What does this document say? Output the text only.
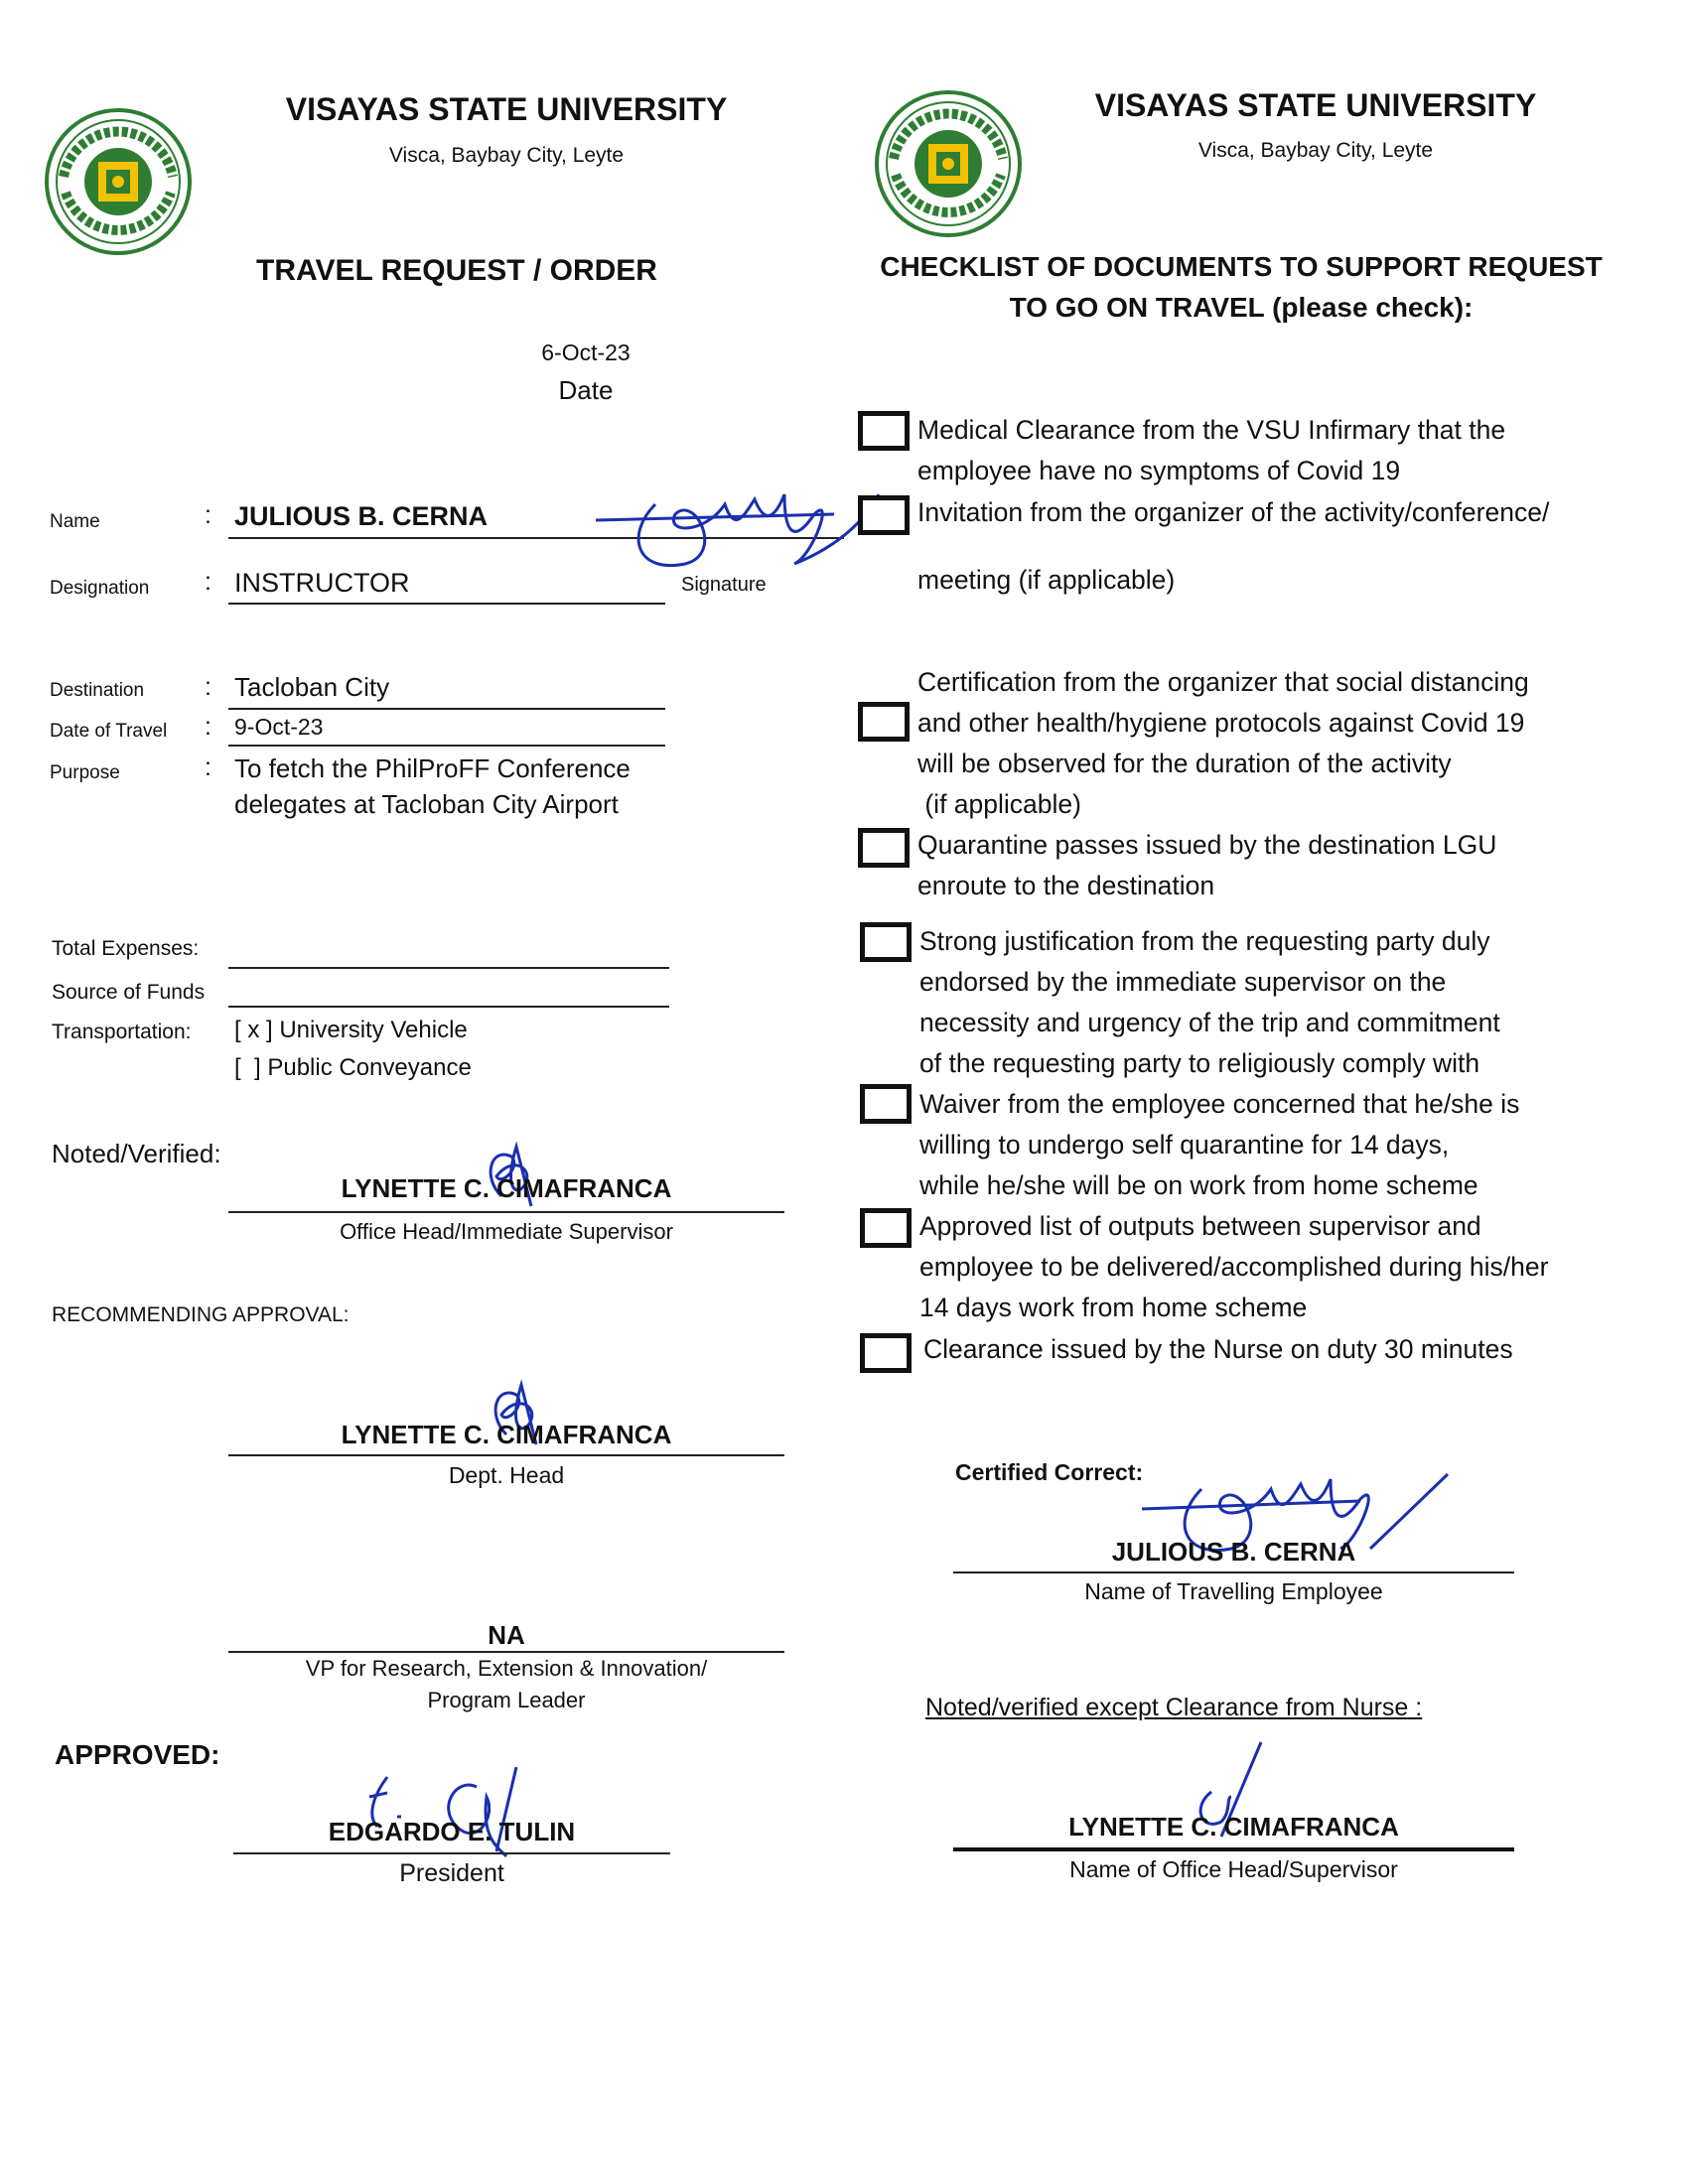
VISAYAS STATE UNIVERSITY
Visca, Baybay City, Leyte
TRAVEL REQUEST / ORDER
6-Oct-23
Date
Name	: JULIOUS B. CERNA
Signature
Designation : INSTRUCTOR
Destination : Tacloban City
Date of Travel : 9-Oct-23
Purpose	: To fetch the PhilProFF Conference
delegates at Tacloban City Airport
Total Expenses:
Source of Funds
Transportation: [ x ] University Vehicle
[  ] Public Conveyance
Noted/Verified:
LYNETTE C. CIMAFRANCA
Office Head/Immediate Supervisor
RECOMMENDING APPROVAL:
LYNETTE C. CIMAFRANCA
Dept. Head
NA
VP for Research, Extension & Innovation/
Program Leader
APPROVED:
EDGARDO E. TULIN
President
VISAYAS STATE UNIVERSITY
Visca, Baybay City, Leyte
CHECKLIST OF DOCUMENTS TO SUPPORT REQUEST
TO GO ON TRAVEL (please check):
Medical Clearance from the VSU Infirmary that the
employee have no symptoms of Covid 19
Invitation from the organizer of the activity/conference/
meeting (if applicable)
Certification from the organizer that social distancing
and other health/hygiene protocols against Covid 19
will be observed for the duration of the activity
(if applicable)
Quarantine passes issued by the destination LGU
enroute to the destination
Strong justification from the requesting party duly
endorsed by the immediate supervisor on the
necessity and urgency of the trip and commitment
of the requesting party to religiously comply with
Waiver from the employee concerned that he/she is
willing to undergo self quarantine for 14 days,
while he/she will be on work from home scheme
Approved list of outputs between supervisor and
employee to be delivered/accomplished during his/her
14 days work from home scheme
Clearance issued by the Nurse on duty 30 minutes
Certified Correct:
JULIOUS B. CERNA
Name of Travelling Employee
Noted/verified except Clearance from Nurse :
LYNETTE C. CIMAFRANCA
Name of Office Head/Supervisor
